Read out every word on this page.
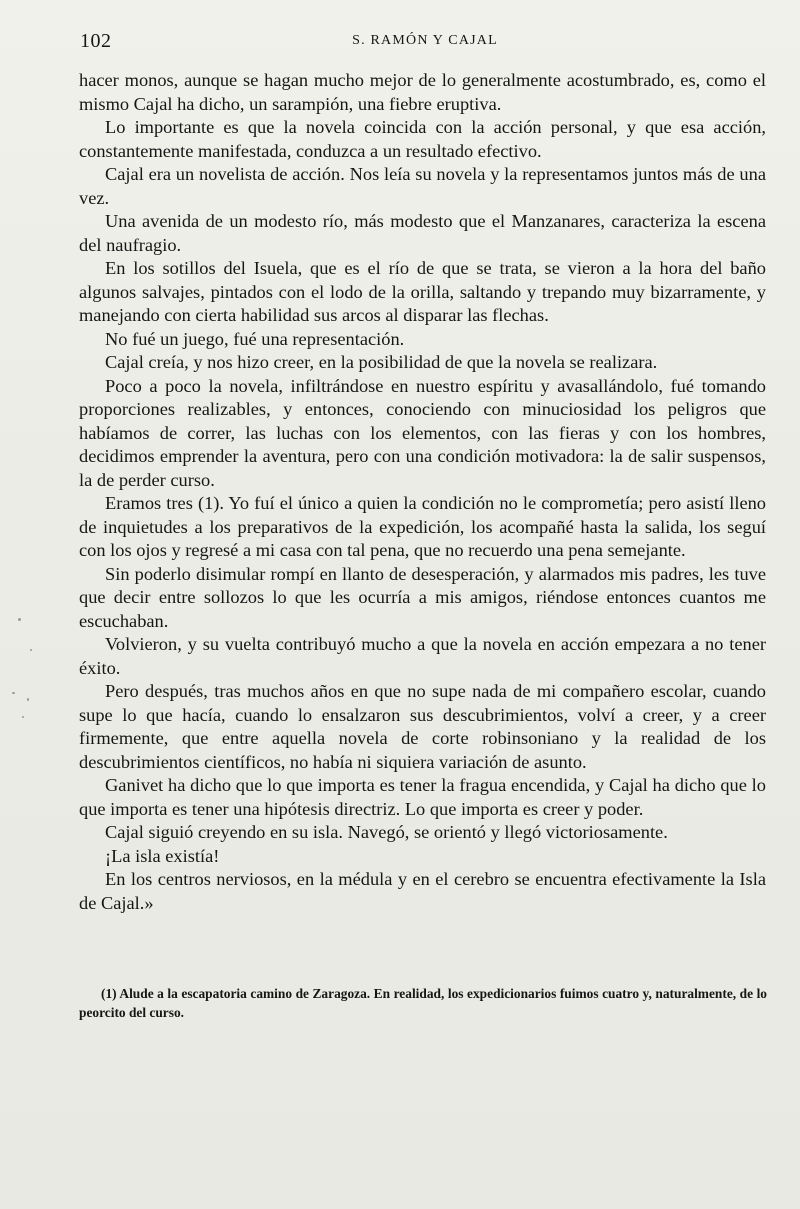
102	S. RAMÓN Y CAJAL

hacer monos, aunque se hagan mucho mejor de lo generalmente acostumbrado, es, como el mismo Cajal ha dicho, un sarampión, una fiebre eruptiva.

Lo importante es que la novela coincida con la acción personal, y que esa acción, constantemente manifestada, conduzca a un resultado efectivo.

Cajal era un novelista de acción. Nos leía su novela y la representamos juntos más de una vez.

Una avenida de un modesto río, más modesto que el Manzanares, caracteriza la escena del naufragio.

En los sotillos del Isuela, que es el río de que se trata, se vieron a la hora del baño algunos salvajes, pintados con el lodo de la orilla, saltando y trepando muy bizarramente, y manejando con cierta habilidad sus arcos al disparar las flechas.

No fué un juego, fué una representación.

Cajal creía, y nos hizo creer, en la posibilidad de que la novela se realizara.

Poco a poco la novela, infiltrándose en nuestro espíritu y avasallándolo, fué tomando proporciones realizables, y entonces, conociendo con minuciosidad los peligros que habíamos de correr, las luchas con los elementos, con las fieras y con los hombres, decidimos emprender la aventura, pero con una condición motivadora: la de salir suspensos, la de perder curso.

Eramos tres (1). Yo fuí el único a quien la condición no le comprometía; pero asistí lleno de inquietudes a los preparativos de la expedición, los acompañé hasta la salida, los seguí con los ojos y regresé a mi casa con tal pena, que no recuerdo una pena semejante.

Sin poderlo disimular rompí en llanto de desesperación, y alarmados mis padres, les tuve que decir entre sollozos lo que les ocurría a mis amigos, riéndose entonces cuantos me escuchaban.

Volvieron, y su vuelta contribuyó mucho a que la novela en acción empezara a no tener éxito.

Pero después, tras muchos años en que no supe nada de mi compañero escolar, cuando supe lo que hacía, cuando lo ensalzaron sus descubrimientos, volví a creer, y a creer firmemente, que entre aquella novela de corte robinsoniano y la realidad de los descubrimientos científicos, no había ni siquiera variación de asunto.

Ganivet ha dicho que lo que importa es tener la fragua encendida, y Cajal ha dicho que lo que importa es tener una hipótesis directriz. Lo que importa es creer y poder.

Cajal siguió creyendo en su isla. Navegó, se orientó y llegó victoriosamente.

¡La isla existía!

En los centros nerviosos, en la médula y en el cerebro se encuentra efectivamente la Isla de Cajal.»

(1) Alude a la escapatoria camino de Zaragoza. En realidad, los expedicionarios fuimos cuatro y, naturalmente, de lo peorcito del curso.
